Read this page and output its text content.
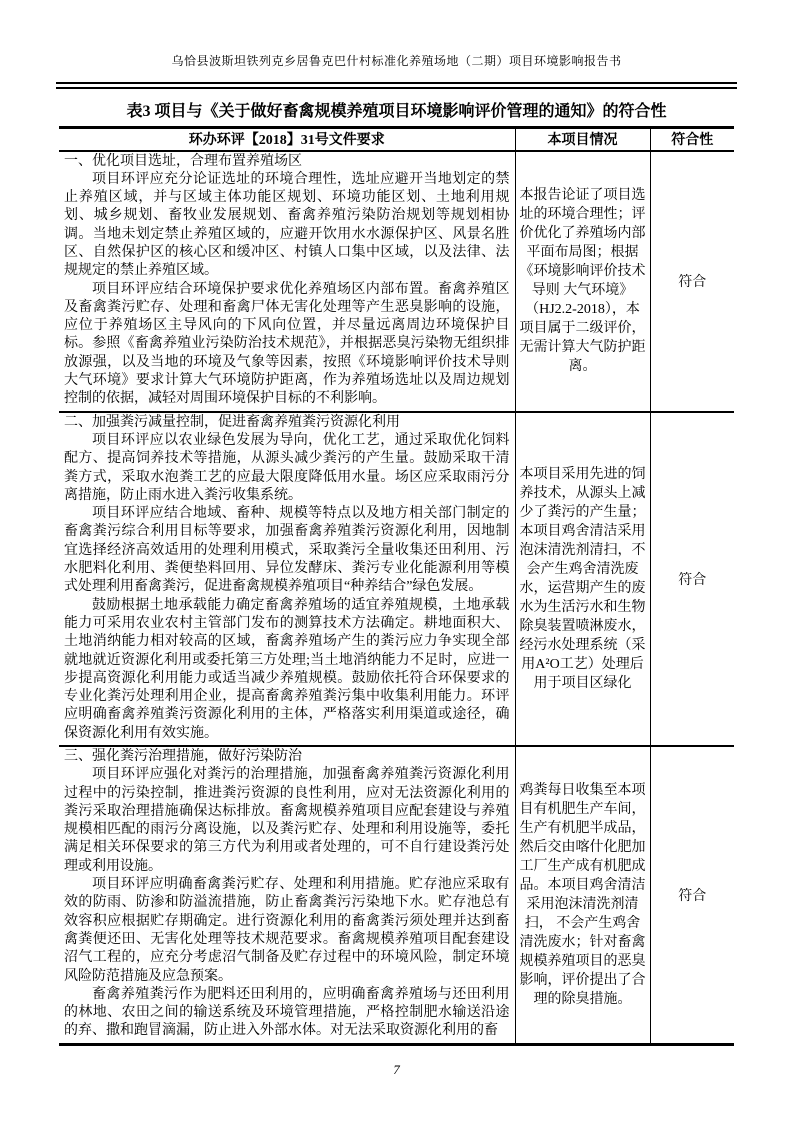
乌恰县波斯坦铁列克乡居鲁克巴什村标准化养殖场地（二期）项目环境影响报告书
表3 项目与《关于做好畜禽规模养殖项目环境影响评价管理的通知》的符合性
环办环评【2018】31号文件要求	本项目情况	符合性

一、优化项目选址，合理布置养殖场区

项目环评应充分论证选址的环境合理性，选址应避开当地划定的禁止养殖区域，并与区域主体功能区规划、环境功能区划、土地利用规划、城乡规划、畜牧业发展规划、畜禽养殖污染防治规划等规划相协调。当地未划定禁止养殖区域的，应避开饮用水水源保护区、风景名胜区、自然保护区的核心区和缓冲区、村镇人口集中区域，以及法律、法规规定的禁止养殖区域。

项目环评应结合环境保护要求优化养殖场区内部布置。畜禽养殖区及畜禽粪污贮存、处理和畜禽尸体无害化处理等产生恶臭影响的设施，应位于养殖场区主导风向的下风向位置，并尽量远离周边环境保护目标。参照《畜禽养殖业污染防治技术规范》，并根据恶臭污染物无组织排放源强，以及当地的环境及气象等因素，按照《环境影响评价技术导则 大气环境》要求计算大气环境防护距离，作为养殖场选址以及周边规划控制的依据，减轻对周围环境保护目标的不利影响。	本报告论证了项目选址的环境合理性；评价优化了养殖场内部平面布局图；根据《环境影响评价技术导则 大气环境》（HJ2.2-2018），本项目属于二级评价，无需计算大气防护距离。	符合

二、加强粪污减量控制，促进畜禽养殖粪污资源化利用

项目环评应以农业绿色发展为导向，优化工艺，通过采取优化饲料配方、提高饲养技术等措施，从源头减少粪污的产生量。鼓励采取干清粪方式，采取水泡粪工艺的应最大限度降低用水量。场区应采取雨污分离措施，防止雨水进入粪污收集系统。

项目环评应结合地域、畜种、规模等特点以及地方相关部门制定的畜禽粪污综合利用目标等要求，加强畜禽养殖粪污资源化利用，因地制宜选择经济高效适用的处理利用模式，采取粪污全量收集还田利用、污水肥料化利用、粪便垫料回用、异位发酵床、粪污专业化能源利用等模式处理利用畜禽粪污，促进畜禽规模养殖项目“种养结合”绿色发展。

鼓励根据土地承载能力确定畜禽养殖场的适宜养殖规模，土地承载能力可采用农业农村主管部门发布的测算技术方法确定。耕地面积大、土地消纳能力相对较高的区域，畜禽养殖场产生的粪污应力争实现全部就地就近资源化利用或委托第三方处理;当土地消纳能力不足时，应进一步提高资源化利用能力或适当减少养殖规模。鼓励依托符合环保要求的专业化粪污处理利用企业，提高畜禽养殖粪污集中收集利用能力。环评应明确畜禽养殖粪污资源化利用的主体，严格落实利用渠道或途径，确保资源化利用有效实施。	本项目采用先进的饲养技术，从源头上减少了粪污的产生量；本项目鸡舍清洁采用泡沫清洗剂清扫，不会产生鸡舍清洗废水，运营期产生的废水为生活污水和生物除臭装置喷淋废水，经污水处理系统（采用A²O工艺）处理后用于项目区绿化	符合

三、强化粪污治理措施，做好污染防治

项目环评应强化对粪污的治理措施，加强畜禽养殖粪污资源化利用过程中的污染控制，推进粪污资源的良性利用，应对无法资源化利用的粪污采取治理措施确保达标排放。畜禽规模养殖项目应配套建设与养殖规模相匹配的雨污分离设施，以及粪污贮存、处理和利用设施等，委托满足相关环保要求的第三方代为利用或者处理的，可不自行建设粪污处理或利用设施。

项目环评应明确畜禽粪污贮存、处理和利用措施。贮存池应采取有效的防雨、防渗和防溢流措施，防止畜禽粪污污染地下水。贮存池总有效容积应根据贮存期确定。进行资源化利用的畜禽粪污须处理并达到畜禽粪便还田、无害化处理等技术规范要求。畜禽规模养殖项目配套建设沼气工程的，应充分考虑沼气制备及贮存过程中的环境风险，制定环境风险防范措施及应急预案。

畜禽养殖粪污作为肥料还田利用的，应明确畜禽养殖场与还田利用的林地、农田之间的输送系统及环境管理措施，严格控制肥水输送沿途的弃、撒和跑冒滴漏，防止进入外部水体。对无法采取资源化利用的畜	鸡粪每日收集至本项目有机肥生产车间，生产有机肥半成品，然后交由喀什化肥加工厂生产成有机肥成品。本项目鸡舍清洁采用泡沫清洗剂清扫， 不会产生鸡舍清洗废水；针对畜禽规模养殖项目的恶臭影响，评价提出了合理的除臭措施。	符合
7
